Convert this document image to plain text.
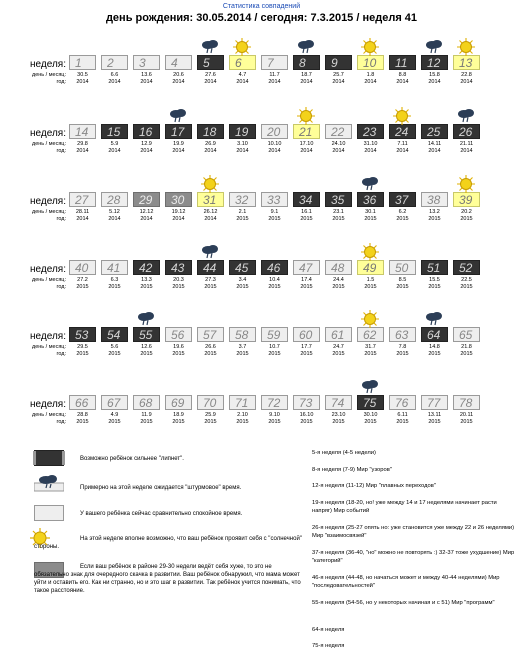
Статистика совпадений
день рождения: 30.05.2014 / сегодня: 7.3.2015 / неделя 41
неделя:
день / месяц:
год:
1
30.5
2014
2
6.6
2014
3
13.6
2014
4
20.6
2014
5
27.6
2014
6
4.7
2014
7
11.7
2014
8
18.7
2014
9
25.7
2014
10
1.8
2014
11
8.8
2014
12
15.8
2014
13
22.8
2014
неделя:
день / месяц:
год:
14
29.8
2014
15
5.9
2014
16
12.9
2014
17
19.9
2014
18
26.9
2014
19
3.10
2014
20
10.10
2014
21
17.10
2014
22
24.10
2014
23
31.10
2014
24
7.11
2014
25
14.11
2014
26
21.11
2014
неделя:
день / месяц:
год:
27
28.11
2014
28
5.12
2014
29
12.12
2014
30
19.12
2014
31
26.12
2014
32
2.1
2015
33
9.1
2015
34
16.1
2015
35
23.1
2015
36
30.1
2015
37
6.2
2015
38
13.2
2015
39
20.2
2015
неделя:
день / месяц:
год:
40
27.2
2015
41
6.3
2015
42
13.3
2015
43
20.3
2015
44
27.3
2015
45
3.4
2015
46
10.4
2015
47
17.4
2015
48
24.4
2015
49
1.5
2015
50
8.5
2015
51
15.5
2015
52
22.5
2015
неделя:
день / месяц:
год:
53
29.5
2015
54
5.6
2015
55
12.6
2015
56
19.6
2015
57
26.6
2015
58
3.7
2015
59
10.7
2015
60
17.7
2015
61
24.7
2015
62
31.7
2015
63
7.8
2015
64
14.8
2015
65
21.8
2015
неделя:
день / месяц:
год:
66
28.8
2015
67
4.9
2015
68
11.9
2015
69
18.9
2015
70
25.9
2015
71
2.10
2015
72
9.10
2015
73
16.10
2015
74
23.10
2015
75
30.10
2015
76
6.11
2015
77
13.11
2015
78
20.11
2015
Возможно ребёнок сильнее "липнет".
Примерно на этой неделе ожидается "штурмовое" время.
У вашего ребёнка сейчас сравнительно спокойное время.
На этой неделе вполне возможно, что ваш ребёнок проявит себя с "солнечной" стороны.
Если ваш ребёнок в районе 29-30 недели ведёт себя хуже, то это не обязательно знак для очередного скачка в развитии. Ваш ребёнок обнаружил, что мама может уйти и оставить его. Как ни странно, но и это шаг в развитии. Так ребёнок учится понимать, что такое расстояние.
5-я неделя (4-5 недели)
8-я неделя (7-9) Мир "узоров"
12-я неделя (11-12) Мир "плавных переходов"
19-я неделя (18-20, но! уже между 14 и 17 неделями начинает расти напряг) Мир событий
26-я неделя (25-27 опять но: уже становится уже между 22 и 26 неделями) Мир "взаимосвязей"
37-я неделя (36-40, "но" можно не повторять :) 32-37 тоже ухудшение) Мир "категорий"
46-я неделя (44-48, но начаться может и между 40-44 неделями) Мир "последовательностей"
55-я неделя (54-56, но у некоторых начиная и с 51) Мир "программ"
64-я неделя
75-я неделя
